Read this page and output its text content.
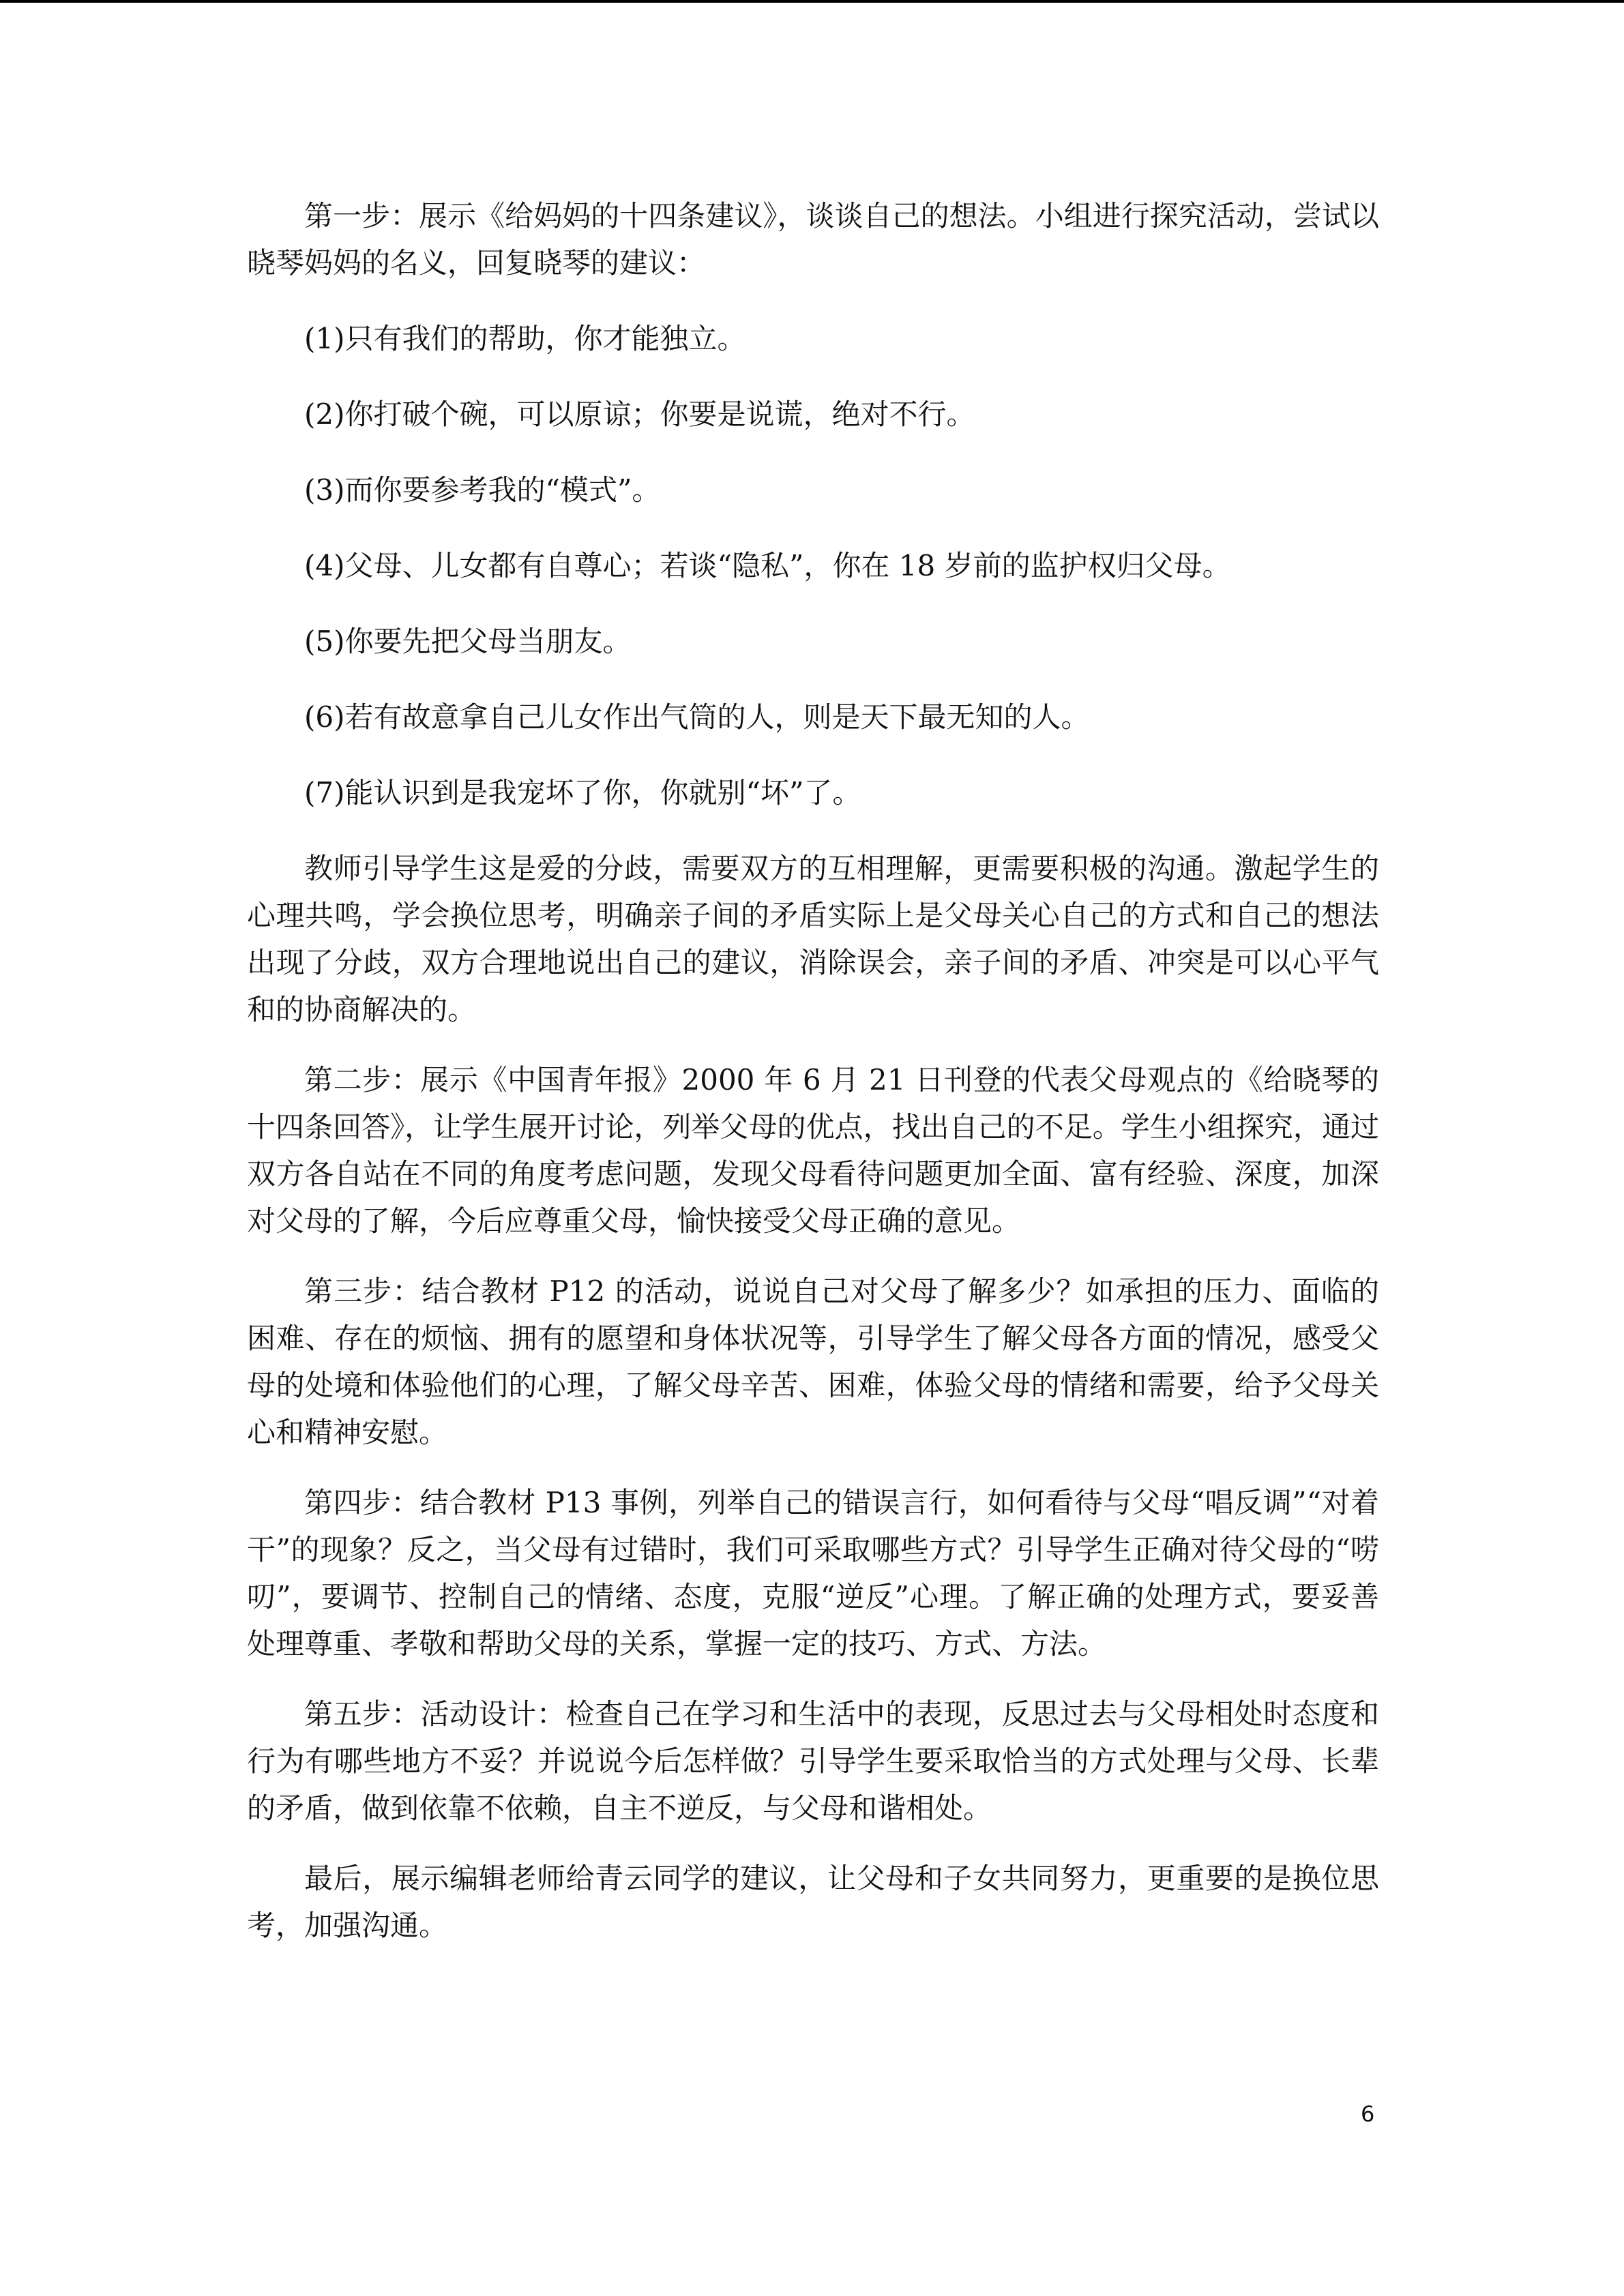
第一步：展示《给妈妈的十四条建议》，谈谈自己的想法。小组进行探究活动，尝试以晓琴妈妈的名义，回复晓琴的建议：

(1)只有我们的帮助，你才能独立。

(2)你打破个碗，可以原谅；你要是说谎，绝对不行。

(3)而你要参考我的“模式”。

(4)父母、儿女都有自尊心；若谈“隐私”，你在 18 岁前的监护权归父母。

(5)你要先把父母当朋友。

(6)若有故意拿自己儿女作出气筒的人，则是天下最无知的人。

(7)能认识到是我宠坏了你，你就别“坏”了。

教师引导学生这是爱的分歧，需要双方的互相理解，更需要积极的沟通。激起学生的心理共鸣，学会换位思考，明确亲子间的矛盾实际上是父母关心自己的方式和自己的想法出现了分歧，双方合理地说出自己的建议，消除误会，亲子间的矛盾、冲突是可以心平气和的协商解决的。

第二步：展示《中国青年报》2000 年 6 月 21 日刊登的代表父母观点的《给晓琴的十四条回答》，让学生展开讨论，列举父母的优点，找出自己的不足。学生小组探究，通过双方各自站在不同的角度考虑问题，发现父母看待问题更加全面、富有经验、深度，加深对父母的了解，今后应尊重父母，愉快接受父母正确的意见。

第三步：结合教材 P12 的活动，说说自己对父母了解多少？如承担的压力、面临的困难、存在的烦恼、拥有的愿望和身体状况等，引导学生了解父母各方面的情况，感受父母的处境和体验他们的心理，了解父母辛苦、困难，体验父母的情绪和需要，给予父母关心和精神安慰。

第四步：结合教材 P13 事例，列举自己的错误言行，如何看待与父母“唱反调”“对着干”的现象？反之，当父母有过错时，我们可采取哪些方式？引导学生正确对待父母的“唠叨”，要调节、控制自己的情绪、态度，克服“逆反”心理。了解正确的处理方式，要妥善处理尊重、孝敬和帮助父母的关系，掌握一定的技巧、方式、方法。

第五步：活动设计：检查自己在学习和生活中的表现，反思过去与父母相处时态度和行为有哪些地方不妥？并说说今后怎样做？引导学生要采取恰当的方式处理与父母、长辈的矛盾，做到依靠不依赖，自主不逆反，与父母和谐相处。

最后，展示编辑老师给青云同学的建议，让父母和子女共同努力，更重要的是换位思考，加强沟通。

6
